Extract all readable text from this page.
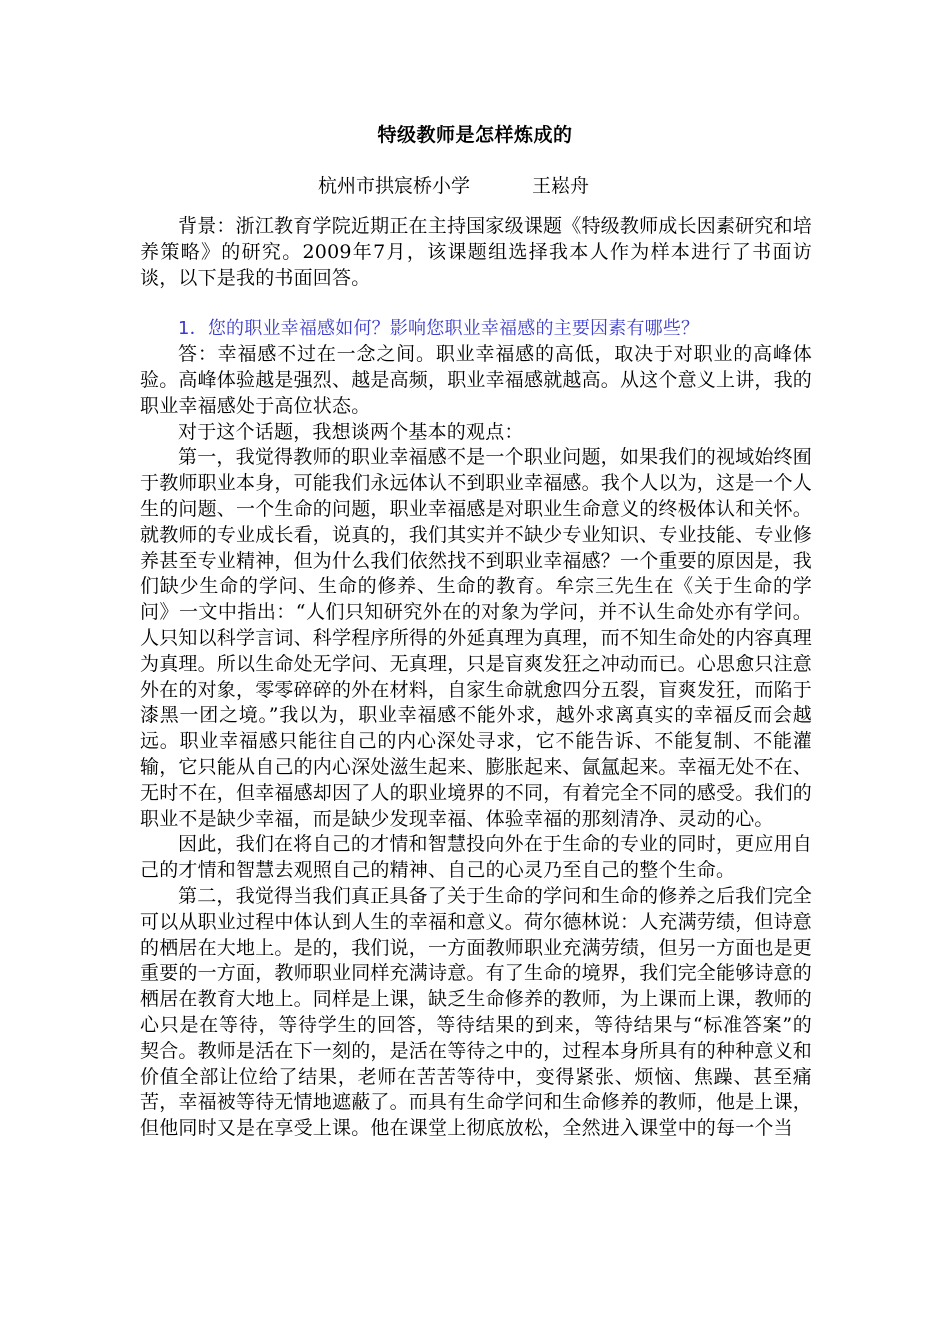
特级教师是怎样炼成的
杭州市拱宸桥小学	王崧舟

背景：浙江教育学院近期正在主持国家级课题《特级教师成长因素研究和培养策略》的研究。2009年7月，该课题组选择我本人作为样本进行了书面访谈，以下是我的书面回答。

1．您的职业幸福感如何？影响您职业幸福感的主要因素有哪些？

答：幸福感不过在一念之间。职业幸福感的高低，取决于对职业的高峰体验。高峰体验越是强烈、越是高频，职业幸福感就越高。从这个意义上讲，我的职业幸福感处于高位状态。

对于这个话题，我想谈两个基本的观点：

第一，我觉得教师的职业幸福感不是一个职业问题，如果我们的视域始终囿于教师职业本身，可能我们永远体认不到职业幸福感。我个人以为，这是一个人生的问题、一个生命的问题，职业幸福感是对职业生命意义的终极体认和关怀。就教师的专业成长看，说真的，我们其实并不缺少专业知识、专业技能、专业修养甚至专业精神，但为什么我们依然找不到职业幸福感？一个重要的原因是，我们缺少生命的学问、生命的修养、生命的教育。牟宗三先生在《关于生命的学问》一文中指出：“人们只知研究外在的对象为学问，并不认生命处亦有学问。人只知以科学言词、科学程序所得的外延真理为真理，而不知生命处的内容真理为真理。所以生命处无学问、无真理，只是盲爽发狂之冲动而已。心思愈只注意外在的对象，零零碎碎的外在材料，自家生命就愈四分五裂，盲爽发狂，而陷于漆黑一团之境。”我以为，职业幸福感不能外求，越外求离真实的幸福反而会越远。职业幸福感只能往自己的内心深处寻求，它不能告诉、不能复制、不能灌输，它只能从自己的内心深处滋生起来、膨胀起来、氤氲起来。幸福无处不在、无时不在，但幸福感却因了人的职业境界的不同，有着完全不同的感受。我们的职业不是缺少幸福，而是缺少发现幸福、体验幸福的那刻清净、灵动的心。

因此，我们在将自己的才情和智慧投向外在于生命的专业的同时，更应用自己的才情和智慧去观照自己的精神、自己的心灵乃至自己的整个生命。

第二，我觉得当我们真正具备了关于生命的学问和生命的修养之后我们完全可以从职业过程中体认到人生的幸福和意义。荷尔德林说：人充满劳绩，但诗意的栖居在大地上。是的，我们说，一方面教师职业充满劳绩，但另一方面也是更重要的一方面，教师职业同样充满诗意。有了生命的境界，我们完全能够诗意的栖居在教育大地上。同样是上课，缺乏生命修养的教师，为上课而上课，教师的心只是在等待，等待学生的回答，等待结果的到来，等待结果与“标准答案”的契合。教师是活在下一刻的，是活在等待之中的，过程本身所具有的种种意义和价值全部让位给了结果，老师在苦苦等待中，变得紧张、烦恼、焦躁、甚至痛苦，幸福被等待无情地遮蔽了。而具有生命学问和生命修养的教师，他是上课，但他同时又是在享受上课。他在课堂上彻底放松，全然进入课堂中的每一个当
